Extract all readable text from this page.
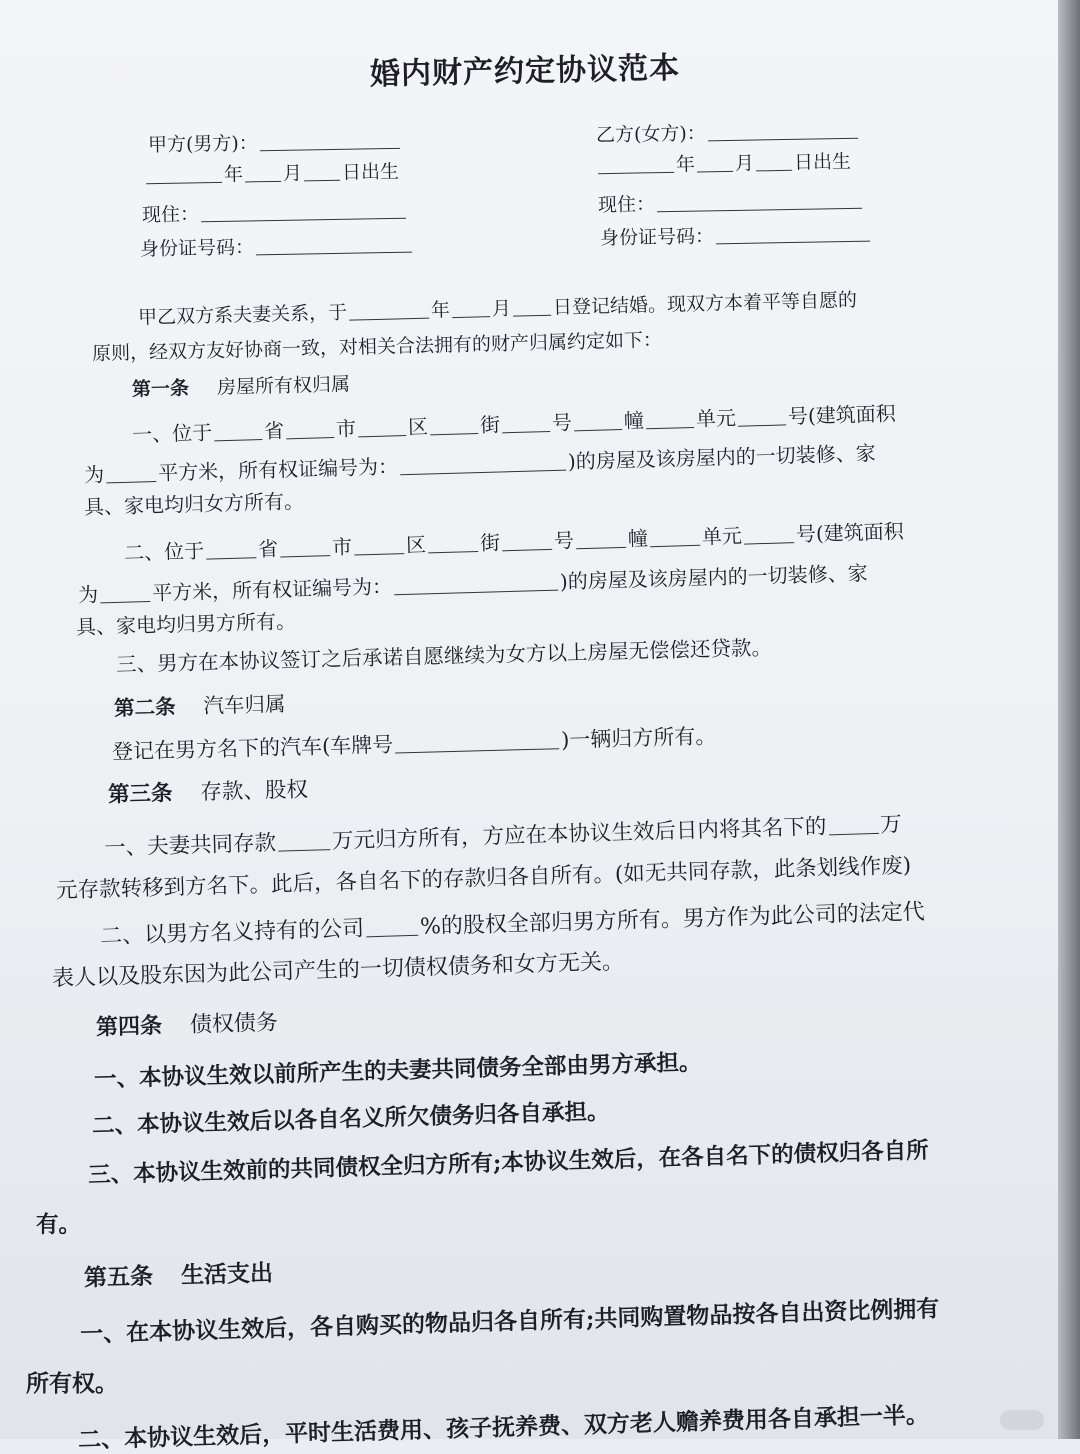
婚内财产约定协议范本
甲方(男方)：
年 月 日出生
现住：
身份证号码：
乙方(女方)：
年 月 日出生
现住：
身份证号码：
甲乙双方系夫妻关系，于	年 月 日登记结婚。现双方本着平等自愿的
原则，经双方友好协商一致，对相关合法拥有的财产归属约定如下：
第一条 房屋所有权归属
一、位于	省	市	区	街	号	幢	单元	号(建筑面积
为	平方米，所有权证编号为：	)的房屋及该房屋内的一切装修、家
具、家电均归女方所有。
二、位于	省	市	区	街	号	幢	单元	号(建筑面积
为	平方米，所有权证编号为：	)的房屋及该房屋内的一切装修、家
具、家电均归男方所有。
三、男方在本协议签订之后承诺自愿继续为女方以上房屋无偿偿还贷款。
第二条 汽车归属
登记在男方名下的汽车(车牌号	)一辆归方所有。
第三条 存款、股权
一、夫妻共同存款	万元归方所有，方应在本协议生效后日内将其名下的 万
元存款转移到方名下。此后，各自名下的存款归各自所有。(如无共同存款，此条划线作废)
二、以男方名义持有的公司	%的股权全部归男方所有。男方作为此公司的法定代
表人以及股东因为此公司产生的一切债权债务和女方无关。
第四条 债权债务
一、本协议生效以前所产生的夫妻共同债务全部由男方承担。
二、本协议生效后以各自名义所欠债务归各自承担。
三、本协议生效前的共同债权全归方所有;本协议生效后，在各自名下的债权归各自所
有。
第五条 生活支出
一、在本协议生效后，各自购买的物品归各自所有;共同购置物品按各自出资比例拥有
所有权。
二、本协议生效后，平时生活费用、孩子抚养费、双方老人赡养费用各自承担一半。
